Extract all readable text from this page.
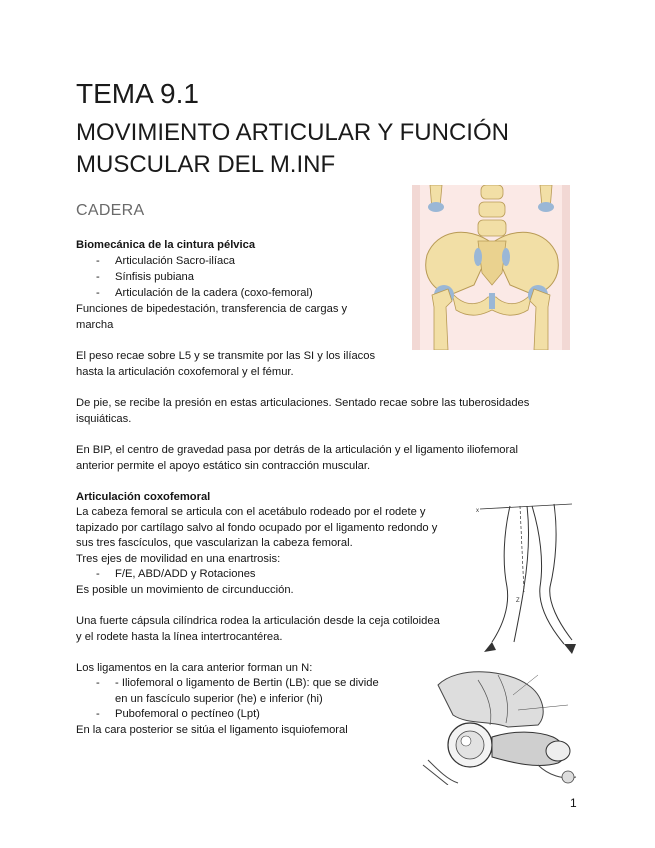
TEMA 9.1
MOVIMIENTO ARTICULAR Y FUNCIÓN
MUSCULAR DEL M.INF
CADERA
Biomecánica de la cintura pélvica
- Articulación Sacro-ilíaca
- Sínfisis pubiana
- Articulación de la cadera (coxo-femoral)
Funciones de bipedestación, transferencia de cargas y
marcha
El peso recae sobre L5 y se transmite por las SI y los ilíacos
hasta la articulación coxofemoral y el fémur.
De pie, se recibe la presión en estas articulaciones. Sentado recae sobre las tuberosidades
isquiáticas.
En BIP, el centro de gravedad pasa por detrás de la articulación y el ligamento iliofemoral
anterior permite el apoyo estático sin contracción muscular.
Articulación coxofemoral
La cabeza femoral se articula con el acetábulo rodeado por el rodete y
tapizado por cartílago salvo al fondo ocupado por el ligamento redondo y
sus tres fascículos, que vascularizan la cabeza femoral.
Tres ejes de movilidad en una enartrosis:
- F/E, ABD/ADD y Rotaciones
Es posible un movimiento de circunducción.
Una fuerte cápsula cilíndrica rodea la articulación desde la ceja cotiloidea
y el rodete hasta la línea intertrocantérea.
Los ligamentos en la cara anterior forman un N:
- - Iliofemoral o ligamento de Bertin (LB): que se divide
en un fascículo superior (he) e inferior (hi)
- Pubofemoral o pectíneo (Lpt)
En la cara posterior se sitúa el ligamento isquiofemoral
1
x
Z
